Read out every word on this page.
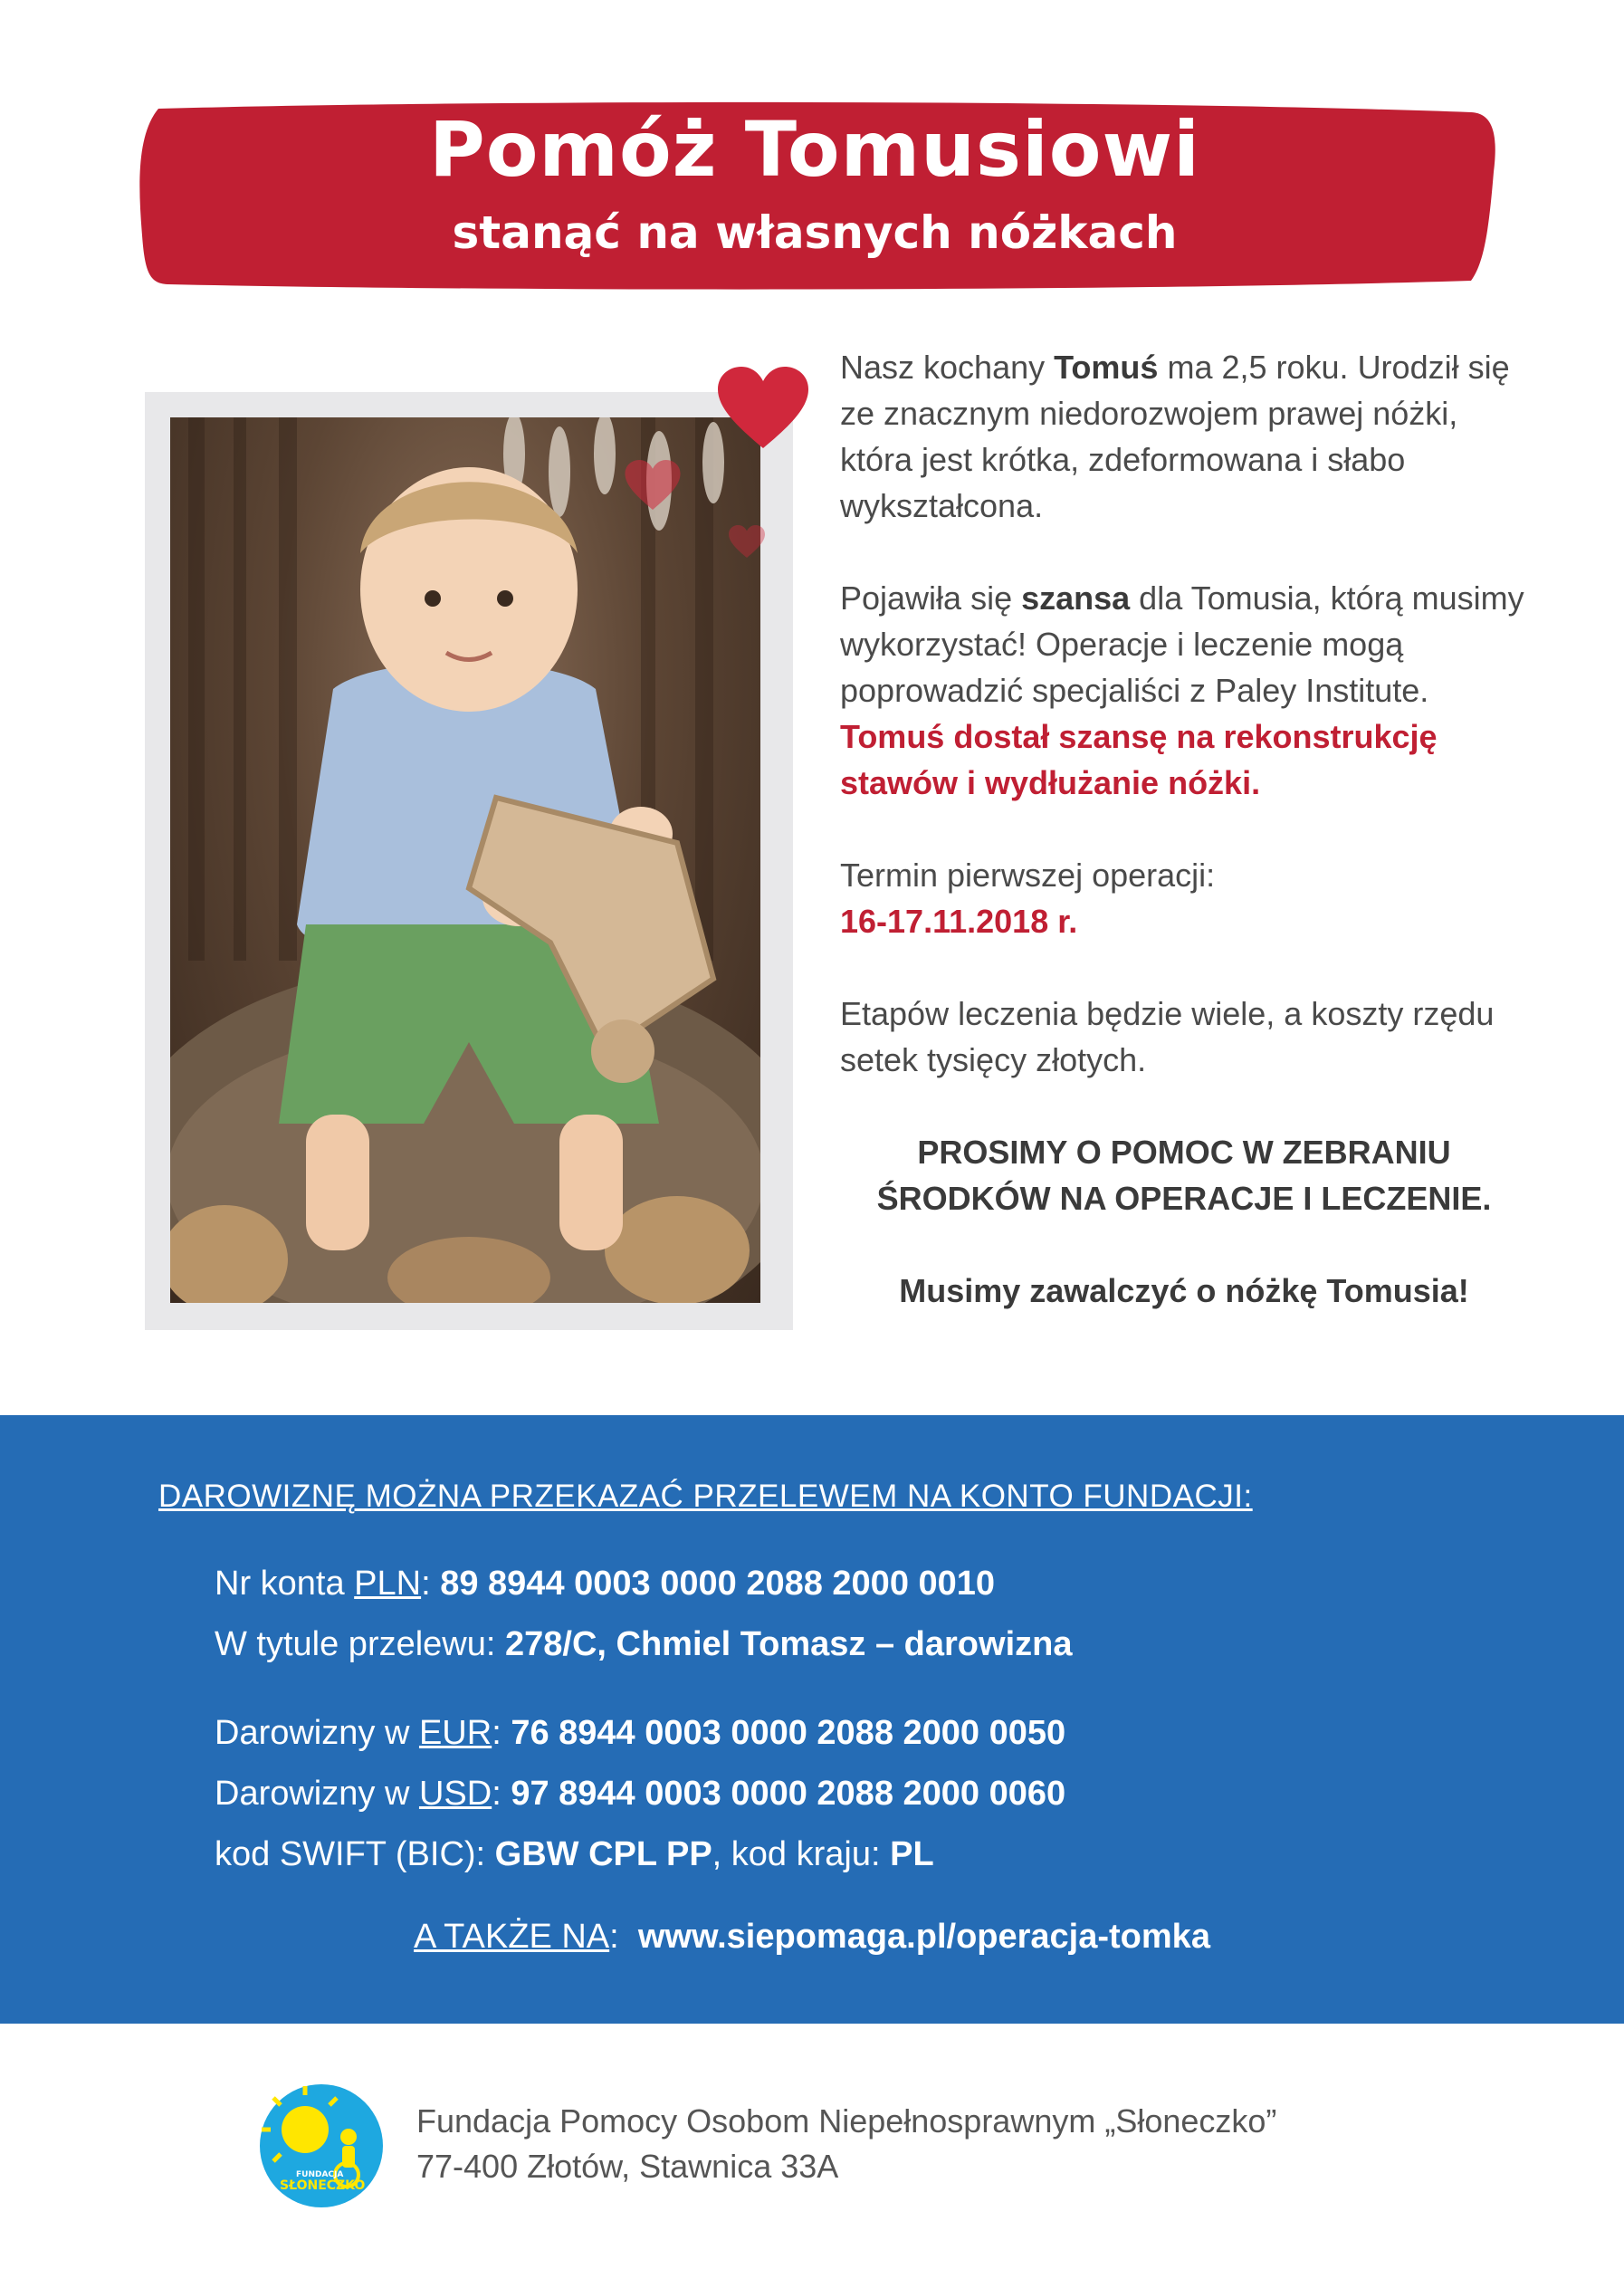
Pomóż Tomusiowi
stanąć na własnych nóżkach

Nasz kochany Tomuś ma 2,5 roku. Urodził się ze znacznym niedorozwojem prawej nóżki, która jest krótka, zdeformowana i słabo wykształcona.

Pojawiła się szansa dla Tomusia, którą musimy wykorzystać! Operacje i leczenie mogą poprowadzić specjaliści z Paley Institute.

Tomuś dostał szansę na rekonstrukcję stawów i wydłużanie nóżki.

Termin pierwszej operacji:

16-17.11.2018 r.

Etapów leczenia będzie wiele, a koszty rzędu setek tysięcy złotych.

PROSIMY O POMOC W ZEBRANIU ŚRODKÓW NA OPERACJE I LECZENIE.

Musimy zawalczyć o nóżkę Tomusia!

DAROWIZNĘ MOŻNA PRZEKAZAĆ PRZELEWEM NA KONTO FUNDACJI:
Nr konta PLN: 89 8944 0003 0000 2088 2000 0010
W tytule przelewu: 278/C, Chmiel Tomasz – darowizna
Darowizny w EUR: 76 8944 0003 0000 2088 2000 0050
Darowizny w USD: 97 8944 0003 0000 2088 2000 0060
kod SWIFT (BIC): GBW CPL PP, kod kraju: PL
A TAKŻE NA:  www.siepomaga.pl/operacja-tomka
FUNDACJA
SŁONECZKO
Fundacja Pomocy Osobom Niepełnosprawnym „Słoneczko”
77-400 Złotów, Stawnica 33A
